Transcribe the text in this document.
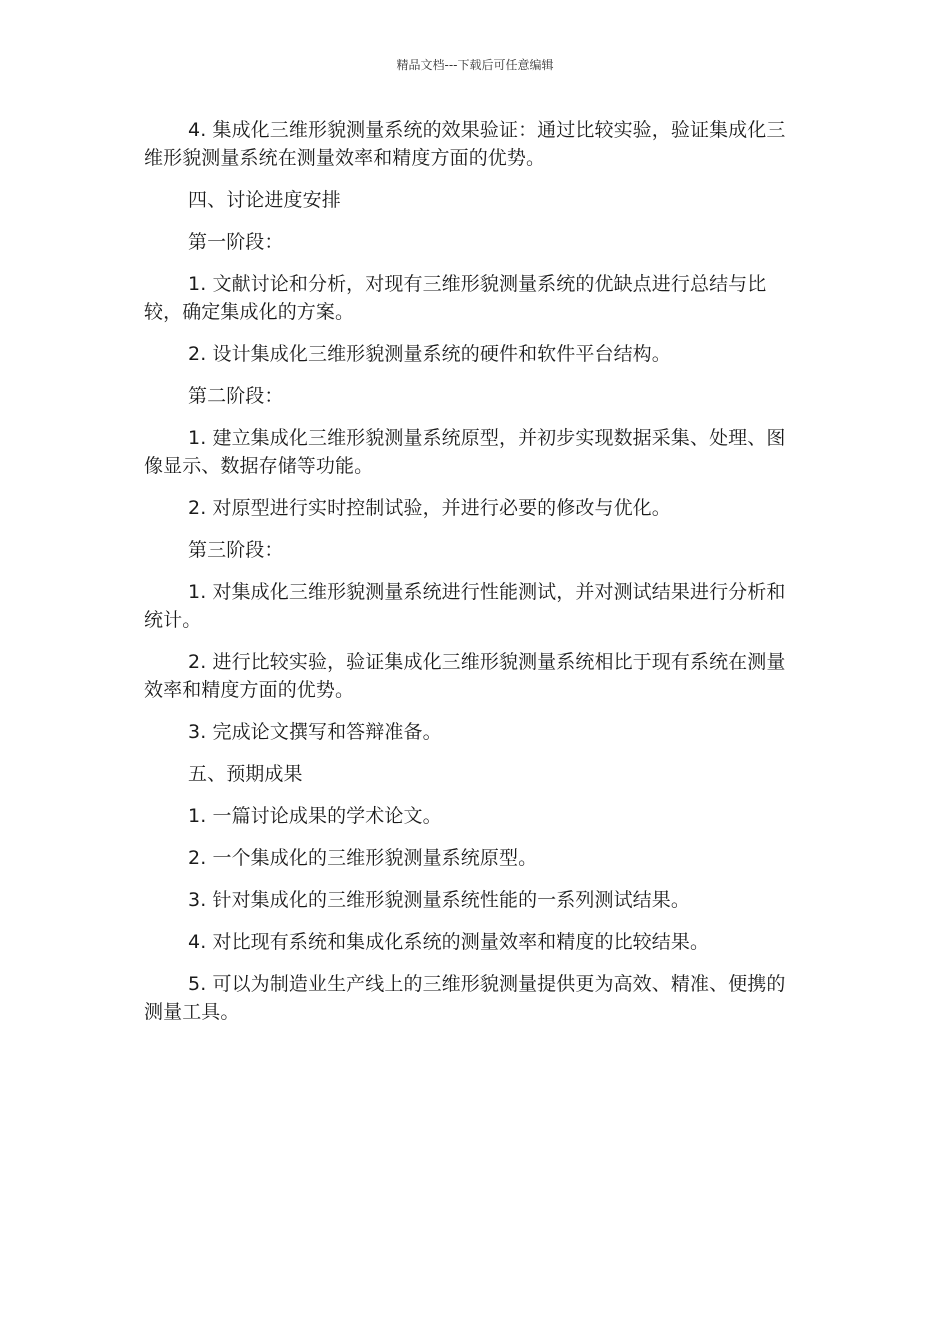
精品文档---下载后可任意编辑

4. 集成化三维形貌测量系统的效果验证：通过比较实验，验证集成化三维形貌测量系统在测量效率和精度方面的优势。

四、讨论进度安排

第一阶段：

1. 文献讨论和分析，对现有三维形貌测量系统的优缺点进行总结与比较，确定集成化的方案。

2. 设计集成化三维形貌测量系统的硬件和软件平台结构。

第二阶段：

1. 建立集成化三维形貌测量系统原型，并初步实现数据采集、处理、图像显示、数据存储等功能。

2. 对原型进行实时控制试验，并进行必要的修改与优化。

第三阶段：

1. 对集成化三维形貌测量系统进行性能测试，并对测试结果进行分析和统计。

2. 进行比较实验，验证集成化三维形貌测量系统相比于现有系统在测量效率和精度方面的优势。

3. 完成论文撰写和答辩准备。

五、预期成果

1. 一篇讨论成果的学术论文。

2. 一个集成化的三维形貌测量系统原型。

3. 针对集成化的三维形貌测量系统性能的一系列测试结果。

4. 对比现有系统和集成化系统的测量效率和精度的比较结果。

5. 可以为制造业生产线上的三维形貌测量提供更为高效、精准、便携的测量工具。
